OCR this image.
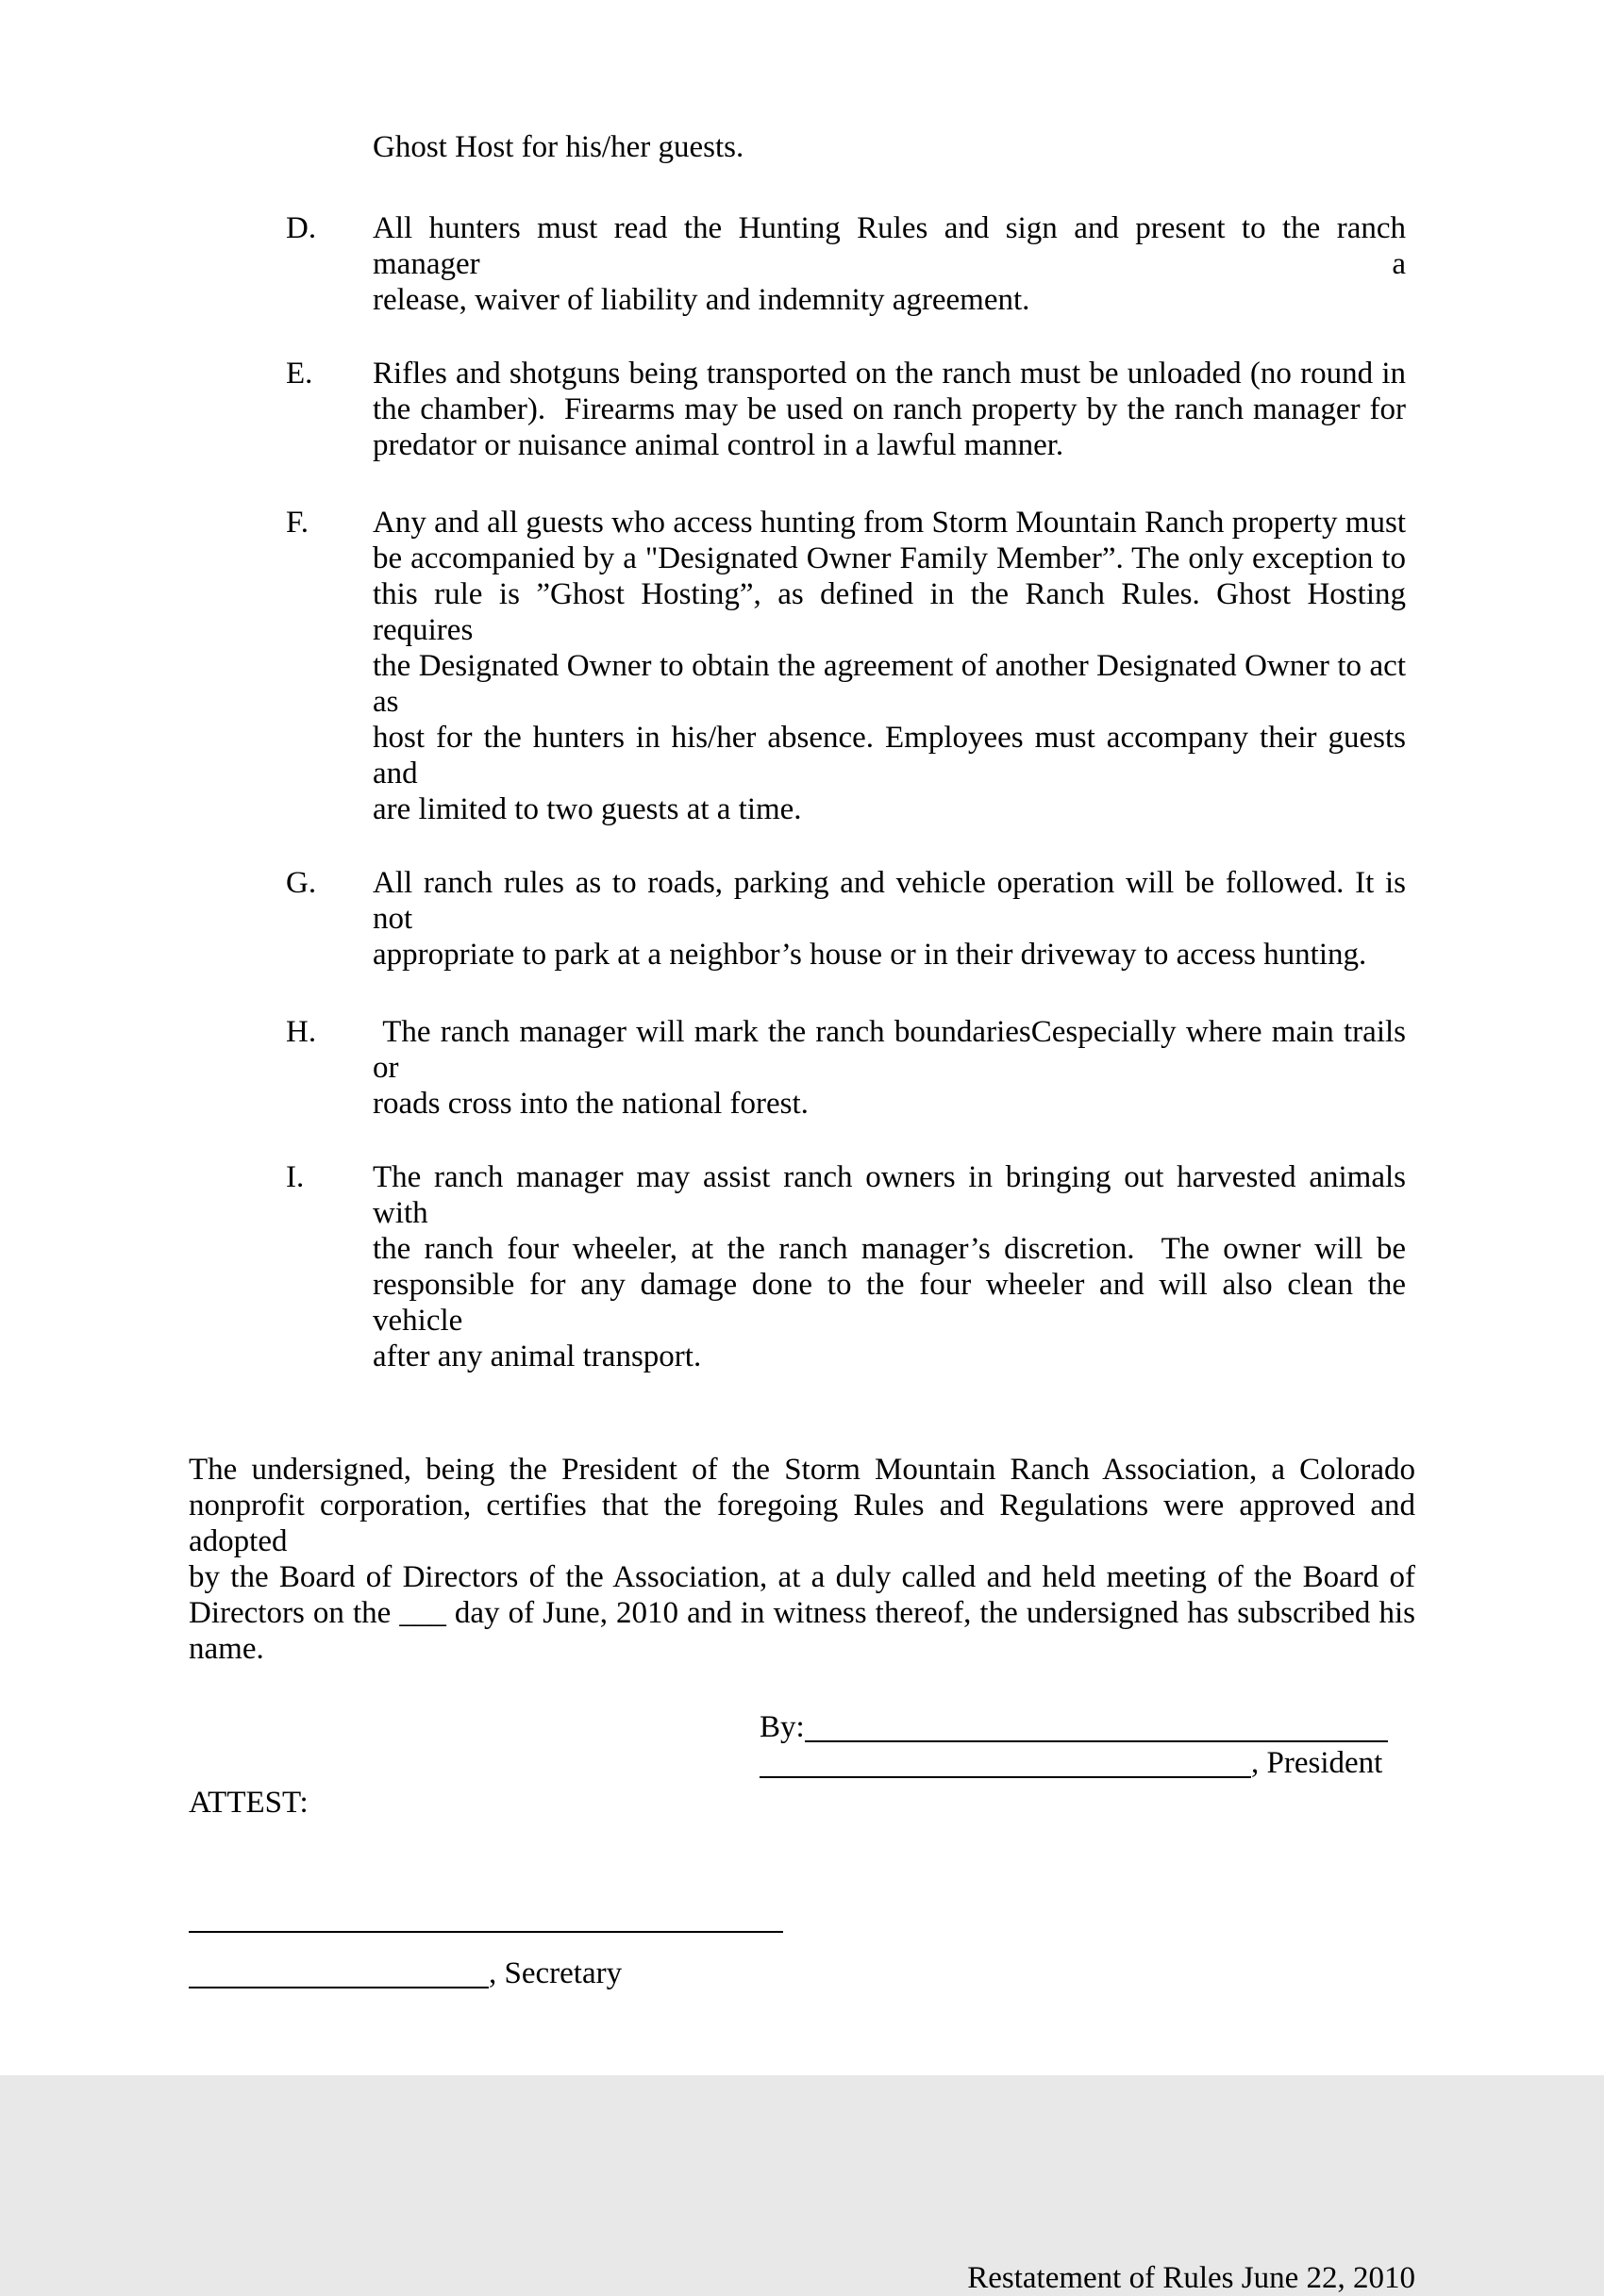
Ghost Host for his/her guests.
D. All hunters must read the Hunting Rules and sign and present to the ranch manager a
release, waiver of liability and indemnity agreement.
E. Rifles and shotguns being transported on the ranch must be unloaded (no round in
the chamber).  Firearms may be used on ranch property by the ranch manager for
predator or nuisance animal control in a lawful manner.
F. Any and all guests who access hunting from Storm Mountain Ranch property must
be accompanied by a "Designated Owner Family Member”. The only exception to
this rule is ”Ghost Hosting”, as defined in the Ranch Rules. Ghost Hosting requires
the Designated Owner to obtain the agreement of another Designated Owner to act as
host for the hunters in his/her absence. Employees must accompany their guests and
are limited to two guests at a time.
G. All ranch rules as to roads, parking and vehicle operation will be followed. It is not
appropriate to park at a neighbor’s house or in their driveway to access hunting.
H. The ranch manager will mark the ranch boundariesCespecially where main trails or
roads cross into the national forest.
I. The ranch manager may assist ranch owners in bringing out harvested animals with
the ranch four wheeler, at the ranch manager’s discretion.  The owner will be
responsible for any damage done to the four wheeler and will also clean the vehicle
after any animal transport.
The undersigned, being the President of the Storm Mountain Ranch Association, a Colorado
nonprofit corporation, certifies that the foregoing Rules and Regulations were approved and adopted
by the Board of Directors of the Association, at a duly called and held meeting of the Board of
Directors on the ___ day of June, 2010 and in witness thereof, the undersigned has subscribed his
name.
By:
, President
ATTEST:
, Secretary
Restatement of Rules June 22, 2010
